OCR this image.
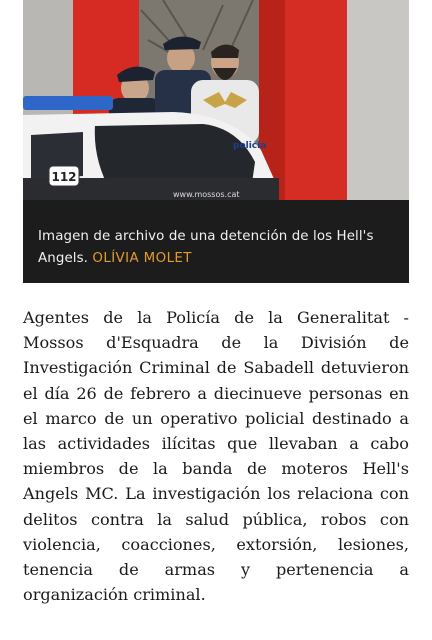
112
policia
www.mossos.cat
Imagen de archivo de una detención de los Hell's Angels. OLÍVIA MOLET

Agentes de la Policía de la Generalitat - Mossos d'Esquadra de la División de Investigación Criminal de Sabadell detuvieron el día 26 de febrero a diecinueve personas en el marco de un operativo policial destinado a las actividades ilícitas que llevaban a cabo miembros de la banda de moteros Hell's Angels MC. La investigación los relaciona con delitos contra la salud pública, robos con violencia, coacciones, extorsión, lesiones, tenencia de armas y pertenencia a organización criminal.
